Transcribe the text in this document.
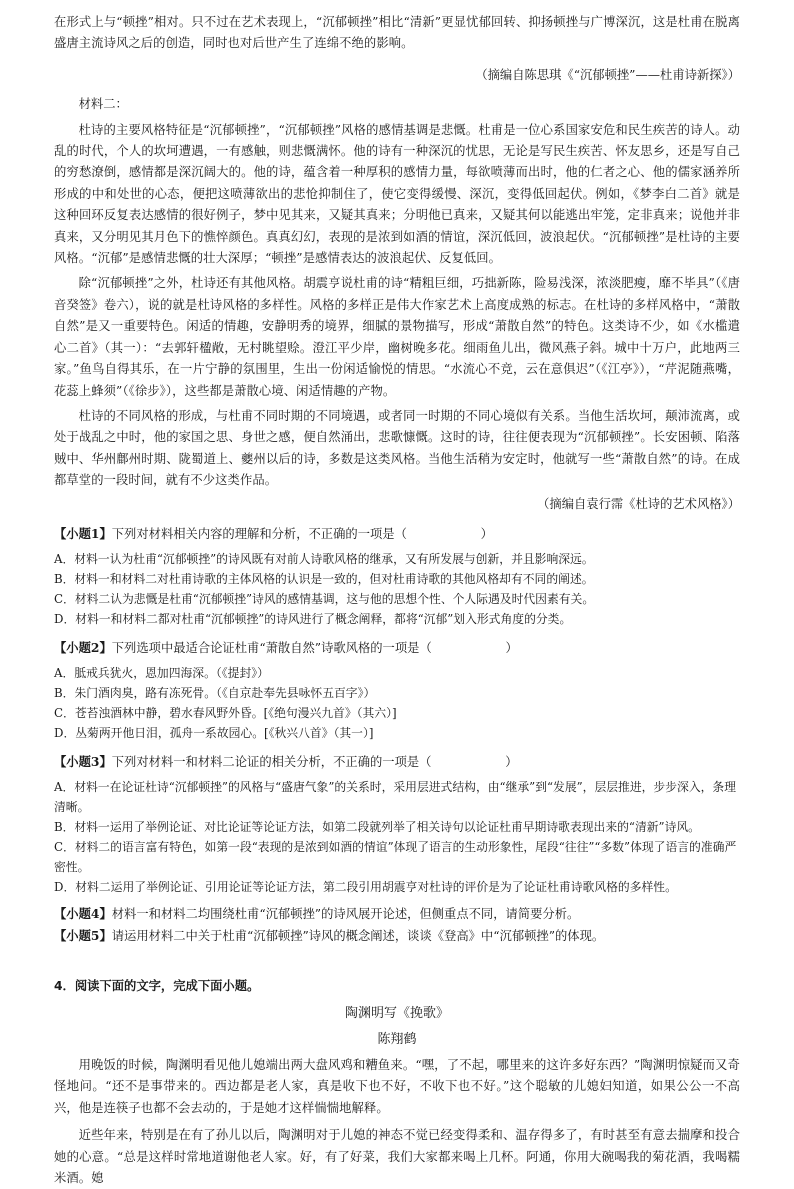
在形式上与“顿挫”相对。只不过在艺术表现上，“沉郁顿挫”相比“清新”更显忧郁回转、抑扬顿挫与广博深沉，这是杜甫在脱离盛唐主流诗风之后的创造，同时也对后世产生了连绵不绝的影响。

（摘编自陈思琪《“沉郁顿挫”——杜甫诗新探》）

材料二：

杜诗的主要风格特征是“沉郁顿挫”，“沉郁顿挫”风格的感情基调是悲慨。杜甫是一位心系国家安危和民生疾苦的诗人。动乱的时代，个人的坎坷遭遇，一有感触，则悲慨满怀。他的诗有一种深沉的忧思，无论是写民生疾苦、怀友思乡，还是写自己的穷愁潦倒，感情都是深沉阔大的。他的诗，蕴含着一种厚积的感情力量，每欲喷薄而出时，他的仁者之心、他的儒家涵养所形成的中和处世的心态，便把这喷薄欲出的悲怆抑制住了，使它变得缓慢、深沉，变得低回起伏。例如，《梦李白二首》就是这种回环反复表达感情的很好例子，梦中见其来，又疑其真来；分明他已真来，又疑其何以能逃出牢笼，定非真来；说他并非真来，又分明见其月色下的憔悴颜色。真真幻幻，表现的是浓到如酒的情谊，深沉低回，波浪起伏。“沉郁顿挫”是杜诗的主要风格。“沉郁”是感情悲慨的壮大深厚；“顿挫”是感情表达的波浪起伏、反复低回。

除“沉郁顿挫”之外，杜诗还有其他风格。胡震亨说杜甫的诗“精粗巨细，巧拙新陈，险易浅深，浓淡肥瘦，靡不毕具”（《唐音癸签》卷六），说的就是杜诗风格的多样性。风格的多样正是伟大作家艺术上高度成熟的标志。在杜诗的多样风格中，“萧散自然”是又一重要特色。闲适的情趣，安静明秀的境界，细腻的景物描写，形成“萧散自然”的特色。这类诗不少，如《水槛遣心二首》（其一）：“去郭轩楹敞，无村眺望赊。澄江平少岸，幽树晚多花。细雨鱼儿出，微风燕子斜。城中十万户，此地两三家。”鱼鸟自得其乐，在一片宁静的氛围里，生出一份闲适愉悦的情思。“水流心不竞，云在意俱迟”（《江亭》），“芹泥随燕嘴，花蕊上蜂须”（《徐步》），这些都是萧散心境、闲适情趣的产物。

杜诗的不同风格的形成，与杜甫不同时期的不同境遇，或者同一时期的不同心境似有关系。当他生活坎坷，颠沛流离，或处于战乱之中时，他的家国之思、身世之感，便自然涌出，悲歌慷慨。这时的诗，往往便表现为“沉郁顿挫”。长安困顿、陷落贼中、华州鄜州时期、陇蜀道上、夔州以后的诗，多数是这类风格。当他生活稍为安定时，他就写一些“萧散自然”的诗。在成都草堂的一段时间，就有不少这类作品。

（摘编自袁行霈《杜诗的艺术风格》）

【小题1】下列对材料相关内容的理解和分析，不正确的一项是（　　　　　　）

A．材料一认为杜甫“沉郁顿挫”的诗风既有对前人诗歌风格的继承，又有所发展与创新，并且影响深远。

B．材料一和材料二对杜甫诗歌的主体风格的认识是一致的，但对杜甫诗歌的其他风格却有不同的阐述。

C．材料二认为悲慨是杜甫“沉郁顿挫”诗风的感情基调，这与他的思想个性、个人际遇及时代因素有关。

D．材料一和材料二都对杜甫“沉郁顿挫”的诗风进行了概念阐释，都将“沉郁”划入形式角度的分类。

【小题2】下列选项中最适合论证杜甫“萧散自然”诗歌风格的一项是（　　　　　　）

A．胝戒兵犹火，恩加四海深。（《提封》）

B．朱门酒肉臭，路有冻死骨。（《自京赴奉先县咏怀五百字》）

C．苍苔浊酒林中静，碧水春风野外昏。[《绝句漫兴九首》（其六）]

D．丛菊两开他日泪，孤舟一系故园心。[《秋兴八首》（其一）]

【小题3】下列对材料一和材料二论证的相关分析，不正确的一项是（　　　　　　）

A．材料一在论证杜诗“沉郁顿挫”的风格与“盛唐气象”的关系时，采用层进式结构，由“继承”到“发展”，层层推进，步步深入，条理清晰。

B．材料一运用了举例论证、对比论证等论证方法，如第二段就列举了相关诗句以论证杜甫早期诗歌表现出来的“清新”诗风。

C．材料二的语言富有特色，如第一段“表现的是浓到如酒的情谊”体现了语言的生动形象性，尾段“往往”“多数”体现了语言的准确严密性。

D．材料二运用了举例论证、引用论证等论证方法，第二段引用胡震亨对杜诗的评价是为了论证杜甫诗歌风格的多样性。

【小题4】材料一和材料二均围绕杜甫“沉郁顿挫”的诗风展开论述，但侧重点不同，请简要分析。

【小题5】请运用材料二中关于杜甫“沉郁顿挫”诗风的概念阐述，谈谈《登高》中“沉郁顿挫”的体现。

4．阅读下面的文字，完成下面小题。

陶渊明写《挽歌》

陈翔鹤

用晚饭的时候，陶渊明看见他儿媳端出两大盘风鸡和糟鱼来。“嘿，了不起，哪里来的这许多好东西？”陶渊明惊疑而又奇怪地问。“还不是事带来的。西边都是老人家，真是收下也不好，不收下也不好。”这个聪敏的儿媳妇知道，如果公公一不高兴，他是连筷子也都不会去动的，于是她才这样惴惴地解释。

近些年来，特别是在有了孙儿以后，陶渊明对于儿媳的神态不觉已经变得柔和、温存得多了，有时甚至有意去揣摩和投合她的心意。“总是这样时常地道谢他老人家。好，有了好菜，我们大家都来喝上几杯。阿通，你用大碗喝我的菊花酒，我喝糯米酒。媳
